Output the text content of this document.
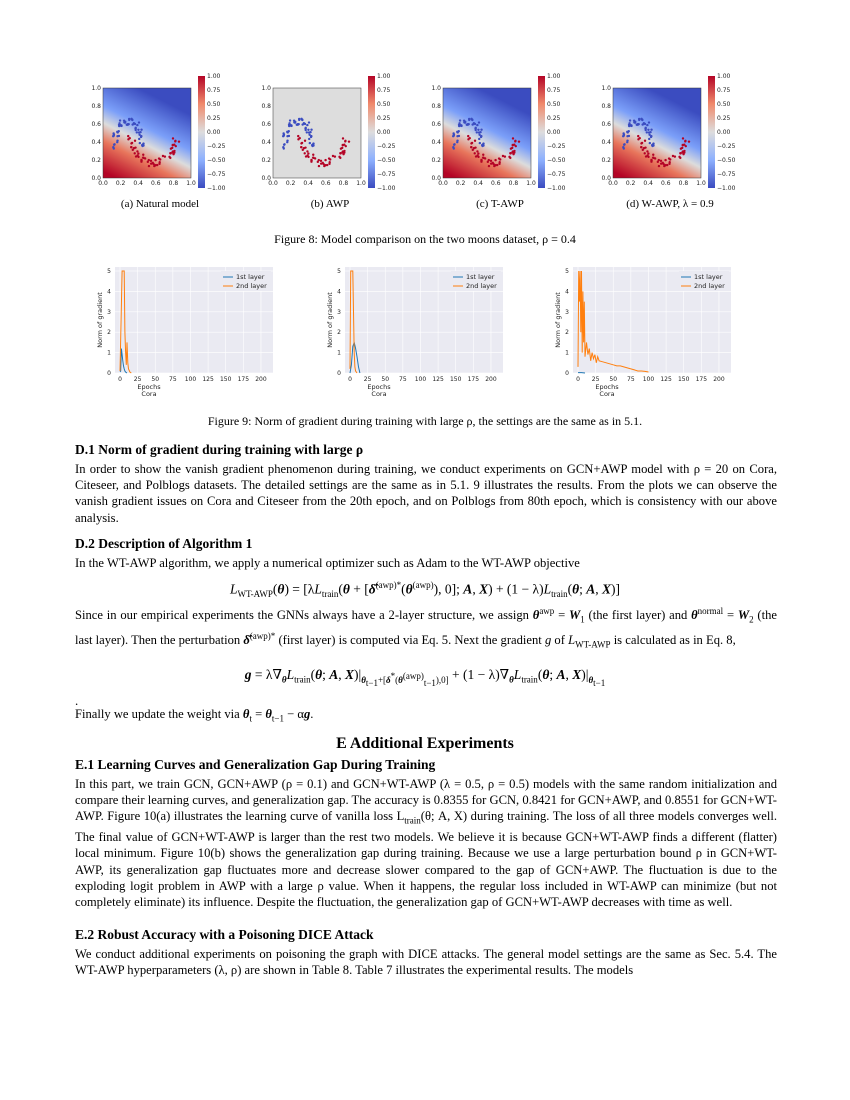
0.0
0.0
0.2
0.2
0.4
0.4
0.6
0.6
0.8
0.8
1.0
1.0
1.00
0.75
0.50
0.25
0.00
−0.25
−0.50
−0.75
−1.00
0.0
0.0
0.2
0.2
0.4
0.4
0.6
0.6
0.8
0.8
1.0
1.0
1.00
0.75
0.50
0.25
0.00
−0.25
−0.50
−0.75
−1.00
0.0
0.0
0.2
0.2
0.4
0.4
0.6
0.6
0.8
0.8
1.0
1.0
1.00
0.75
0.50
0.25
0.00
−0.25
−0.50
−0.75
−1.00
0.0
0.0
0.2
0.2
0.4
0.4
0.6
0.6
0.8
0.8
1.0
1.0
1.00
0.75
0.50
0.25
0.00
−0.25
−0.50
−0.75
−1.00
(a) Natural model	(b) AWP	(c) T-AWP	(d) W-AWP, λ = 0.9
Figure 8: Model comparison on the two moons dataset, ρ = 0.4
0 25 50 75 100 125 150 175 200
0
1
2
3
4
5
1st layer
2nd layer
Epochs
Cora
Norm of gradient
0 25 50 75 100 125 150 175 200
0
1
2
3
4
5
1st layer
2nd layer
Epochs
Cora
Norm of gradient
0 25 50 75 100 125 150 175 200
0
1
2
3
4
5
1st layer
2nd layer
Epochs
Cora
Norm of gradient
Figure 9: Norm of gradient during training with large ρ, the settings are the same as in 5.1.
D.1 Norm of gradient during training with large ρ
In order to show the vanish gradient phenomenon during training, we conduct experiments on GCN+AWP model with ρ = 20 on Cora, Citeseer, and Polblogs datasets. The detailed settings are the same as in 5.1. 9 illustrates the results. From the plots we can observe the vanish gradient issues on Cora and Citeseer from the 20th epoch, and on Polblogs from 80th epoch, which is consistency with our above analysis.
D.2 Description of Algorithm 1
In the WT-AWP algorithm, we apply a numerical optimizer such as Adam to the WT-AWP objective
$L_{WT-AWP}(\theta) = [\lambda L_{train}(\theta$ + [$\deltâ^{(awp)*}(\theta^{(awp)})$, 0]; A, $X) + (1 - \lambda)L_{train}(\theta$; A, X)]
Since in our empirical experiments the GNNs always have a 2-layer structure, we assign $\theta^{awp} = W_1$ (the first layer) and $\theta^{normal} = W_2$ (the last layer). Then the perturbation δ̂$^{(awp)*}$ (first layer) is computed via Eq. 5. Next the gradient g of $L_{WT-AWP}$ is calculated as in Eq. 8,
$g = \lambda\nabla_\theta L_{train}(\theta$; A, $X)|_{\theta_{t-1}+[\delta^*(\theta^{(awp)}_{t-1}),0]} + (1 - \lambda)\nabla_\theta L_{train}(\theta$; A, $X)|_{\theta_{t-1}}$
.
Finally we update the weight via $\theta_t = \theta_{t-1} - \alpha g$.
E Additional Experiments
E.1 Learning Curves and Generalization Gap During Training
In this part, we train GCN, GCN+AWP (ρ = 0.1) and GCN+WT-AWP (λ = 0.5, ρ = 0.5) models with the same random initialization and compare their learning curves, and generalization gap. The accuracy is 0.8355 for GCN, 0.8421 for GCN+AWP, and 0.8551 for GCN+WT-AWP. Figure 10(a) illustrates the learning curve of vanilla loss $L_{train}(\theta$; A, X) during training. The loss of all three models converges well. The final value of GCN+WT-AWP is larger than the rest two models. We believe it is because GCN+WT-AWP finds a different (flatter) local minimum. Figure 10(b) shows the generalization gap during training. Because we use a large perturbation bound ρ in GCN+WT-AWP, its generalization gap fluctuates more and decrease slower compared to the gap of GCN+AWP. The fluctuation is due to the exploding logit problem in AWP with a large ρ value. When it happens, the regular loss included in WT-AWP can minimize (but not completely eliminate) its influence. Despite the fluctuation, the generalization gap of GCN+WT-AWP decreases with time as well.
E.2 Robust Accuracy with a Poisoning DICE Attack
We conduct additional experiments on poisoning the graph with DICE attacks. The general model settings are the same as Sec. 5.4. The WT-AWP hyperparameters (λ, ρ) are shown in Table 8. Table 7 illustrates the experimental results. The models
